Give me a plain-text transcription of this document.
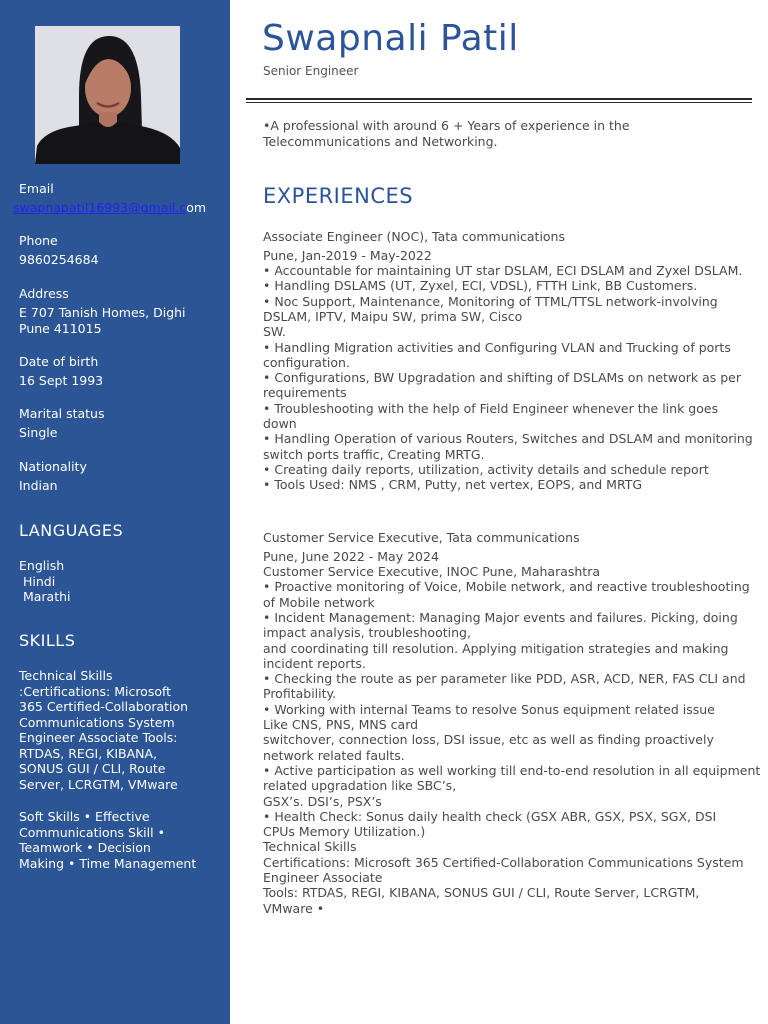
Email
swapnapatil16993@gmail.com
Phone
9860254684
Address
E 707 Tanish Homes, Dighi
Pune 411015
Date of birth
16 Sept 1993
Marital status
Single
Nationality
Indian
LANGUAGES
English
Hindi
Marathi
SKILLS
Technical Skills
:Certifications: Microsoft
365 Certified-Collaboration
Communications System
Engineer Associate Tools:
RTDAS, REGI, KIBANA,
SONUS GUI / CLI, Route
Server, LCRGTM, VMware
Soft Skills • Effective
Communications Skill •
Teamwork • Decision
Making • Time Management
Swapnali Patil
Senior Engineer
•A professional with around 6 + Years of experience in the
Telecommunications and Networking.
EXPERIENCES
Associate Engineer (NOC), Tata communications
Pune, Jan-2019 - May-2022
• Accountable for maintaining UT star DSLAM, ECI DSLAM and Zyxel DSLAM.
• Handling DSLAMS (UT, Zyxel, ECI, VDSL), FTTH Link, BB Customers.
• Noc Support, Maintenance, Monitoring of TTML/TTSL network-involving
DSLAM, IPTV, Maipu SW, prima SW, Cisco
SW.
• Handling Migration activities and Configuring VLAN and Trucking of ports
configuration.
• Configurations, BW Upgradation and shifting of DSLAMs on network as per
requirements
• Troubleshooting with the help of Field Engineer whenever the link goes
down
• Handling Operation of various Routers, Switches and DSLAM and monitoring
switch ports traffic, Creating MRTG.
• Creating daily reports, utilization, activity details and schedule report
• Tools Used: NMS , CRM, Putty, net vertex, EOPS, and MRTG
Customer Service Executive, Tata communications
Pune, June 2022 - May 2024
Customer Service Executive, INOC Pune, Maharashtra
• Proactive monitoring of Voice, Mobile network, and reactive troubleshooting
of Mobile network
• Incident Management: Managing Major events and failures. Picking, doing
impact analysis, troubleshooting,
and coordinating till resolution. Applying mitigation strategies and making
incident reports.
• Checking the route as per parameter like PDD, ASR, ACD, NER, FAS CLI and
Profitability.
• Working with internal Teams to resolve Sonus equipment related issue
Like CNS, PNS, MNS card
switchover, connection loss, DSI issue, etc as well as finding proactively
network related faults.
• Active participation as well working till end-to-end resolution in all equipment
related upgradation like SBC’s,
GSX’s. DSI’s, PSX’s
• Health Check: Sonus daily health check (GSX ABR, GSX, PSX, SGX, DSI
CPUs Memory Utilization.)
Technical Skills
Certifications: Microsoft 365 Certified-Collaboration Communications System
Engineer Associate
Tools: RTDAS, REGI, KIBANA, SONUS GUI / CLI, Route Server, LCRGTM,
VMware •
